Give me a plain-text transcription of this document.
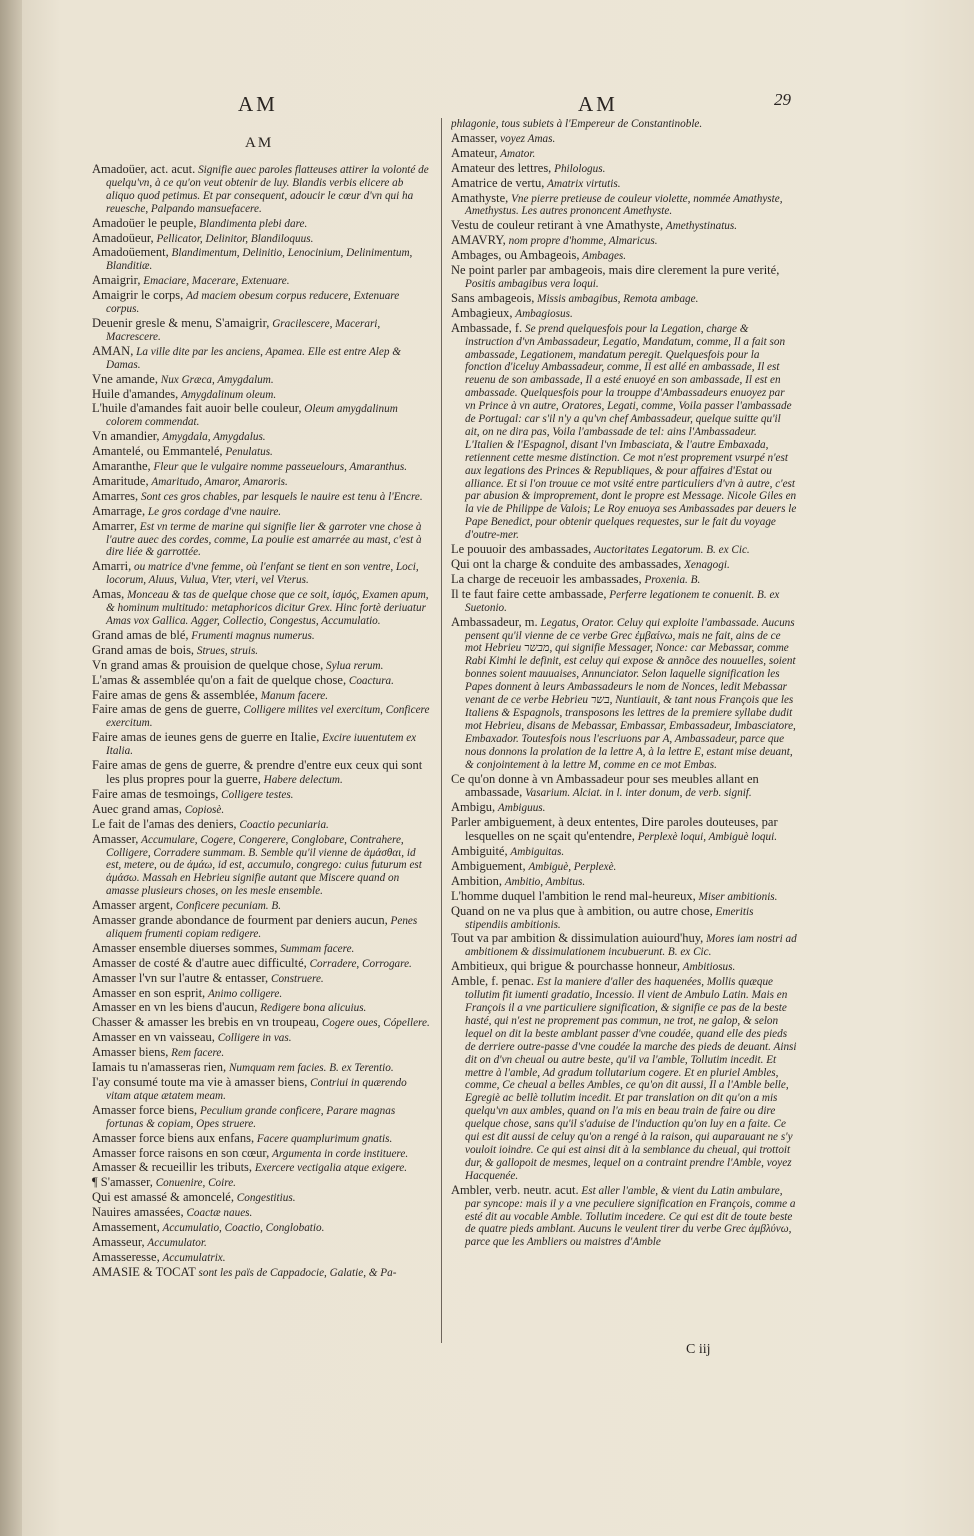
AM	AM	29
AM
Amadoüer, act. acut. Signifie auec paroles flatteuses attirer la volonté de quelqu'vn, à ce qu'on veut obtenir de luy. Blandis verbis elicere ab aliquo quod petimus. Et par consequent, adoucir le cœur d'vn qui ha reuesche, Palpando mansuefacere.
Amadoüer le peuple, Blandimenta plebi dare.
Amadoüeur, Pellicator, Delinitor, Blandiloquus.
Amadoüement, Blandimentum, Delinitio, Lenocinium, Delinimentum, Blanditiæ.
Amaigrir, Emaciare, Macerare, Extenuare.
Amaigrir le corps, Ad maciem obesum corpus reducere, Extenuare corpus.
Deuenir gresle & menu, S'amaigrir, Gracilescere, Macerari, Macrescere.
AMAN, La ville dite par les anciens, Apamea. Elle est entre Alep & Damas.
Vne amande, Nux Græca, Amygdalum.
Huile d'amandes, Amygdalinum oleum.
L'huile d'amandes fait auoir belle couleur, Oleum amygdalinum colorem commendat.
Vn amandier, Amygdala, Amygdalus.
Amantelé, ou Emmantelé, Penulatus.
Amaranthe, Fleur que le vulgaire nomme passeuelours, Amaranthus.
Amaritude, Amaritudo, Amaror, Amaroris.
Amarres, Sont ces gros chables, par lesquels le nauire est tenu à l'Encre.
Amarrage, Le gros cordage d'vne nauire.
Amarrer, Est vn terme de marine qui signifie lier & garroter vne chose à l'autre auec des cordes, comme, La poulie est amarrée au mast, c'est à dire liée & garrottée.
Amarri, ou matrice d'vne femme, où l'enfant se tient en son ventre, Loci, locorum, Aluus, Vulua, Vter, vteri, vel Vterus.
Amas, Monceau & tas de quelque chose que ce soit, ἰσμός, Examen apum, & hominum multitudo: metaphoricos dicitur Grex. Hinc fortè deriuatur Amas vox Gallica. Agger, Collectio, Congestus, Accumulatio.
Grand amas de blé, Frumenti magnus numerus.
Grand amas de bois, Strues, struis.
Vn grand amas & prouision de quelque chose, Sylua rerum.
L'amas & assemblée qu'on a fait de quelque chose, Coactura.
Faire amas de gens & assemblée, Manum facere.
Faire amas de gens de guerre, Colligere milites vel exercitum, Conficere exercitum.
Faire amas de ieunes gens de guerre en Italie, Excire iuuentutem ex Italia.
Faire amas de gens de guerre, & prendre d'entre eux ceux qui sont les plus propres pour la guerre, Habere delectum.
Faire amas de tesmoings, Colligere testes.
Auec grand amas, Copiosè.
Le fait de l'amas des deniers, Coactio pecuniaria.
Amasser, Accumulare, Cogere, Congerere, Conglobare, Contrahere, Colligere, Corradere summam. B. Semble qu'il vienne de ἀμάσθαι, id est, metere, ou de ἀμάω, id est, accumulo, congrego: cuius futurum est ἀμάσω. Massah en Hebrieu signifie autant que Miscere quand on amasse plusieurs choses, on les mesle ensemble.
Amasser argent, Conficere pecuniam. B.
Amasser grande abondance de fourment par deniers aucun, Penes aliquem frumenti copiam redigere.
Amasser ensemble diuerses sommes, Summam facere.
Amasser de costé & d'autre auec difficulté, Corradere, Corrogare.
Amasser l'vn sur l'autre & entasser, Construere.
Amasser en son esprit, Animo colligere.
Amasser en vn les biens d'aucun, Redigere bona alicuius.
Chasser & amasser les brebis en vn troupeau, Cogere oues, Cópellere.
Amasser en vn vaisseau, Colligere in vas.
Amasser biens, Rem facere.
Iamais tu n'amasseras rien, Numquam rem facies. B. ex Terentio.
I'ay consumé toute ma vie à amasser biens, Contriui in quærendo vitam atque ætatem meam.
Amasser force biens, Peculium grande conficere, Parare magnas fortunas & copiam, Opes struere.
Amasser force biens aux enfans, Facere quamplurimum gnatis.
Amasser force raisons en son cœur, Argumenta in corde instituere.
Amasser & recueillir les tributs, Exercere vectigalia atque exigere.
¶ S'amasser, Conuenire, Coire.
Qui est amassé & amoncelé, Congestitius.
Nauires amassées, Coactæ naues.
Amassement, Accumulatio, Coactio, Conglobatio.
Amasseur, Accumulator.
Amasseresse, Accumulatrix.
AMASIE & TOCAT sont les païs de Cappadocie, Galatie, & Pa-
phlagonie, tous subiets à l'Empereur de Constantinoble.
Amasser, voyez Amas.
Amateur, Amator.
Amateur des lettres, Philologus.
Amatrice de vertu, Amatrix virtutis.
Amathyste, Vne pierre pretieuse de couleur violette, nommée Amathyste, Amethystus. Les autres prononcent Amethyste.
Vestu de couleur retirant à vne Amathyste, Amethystinatus.
AMAVRY, nom propre d'homme, Almaricus.
Ambages, ou Ambageois, Ambages.
Ne point parler par ambageois, mais dire clerement la pure verité, Positis ambagibus vera loqui.
Sans ambageois, Missis ambagibus, Remota ambage.
Ambagieux, Ambagiosus.
Ambassade, f. Se prend quelquesfois pour la Legation, charge & instruction d'vn Ambassadeur, Legatio, Mandatum, comme, Il a fait son ambassade, Legationem, mandatum peregit. Quelquesfois pour la fonction d'iceluy Ambassadeur, comme, Il est allé en ambassade, Il est reuenu de son ambassade, Il a esté enuoyé en son ambassade, Il est en ambassade. Quelquesfois pour la trouppe d'Ambassadeurs enuoyez par vn Prince à vn autre, Oratores, Legati, comme, Voila passer l'ambassade de Portugal: car s'il n'y a qu'vn chef Ambassadeur, quelque suitte qu'il ait, on ne dira pas, Voila l'ambassade de tel: ains l'Ambassadeur. L'Italien & l'Espagnol, disant l'vn Imbasciata, & l'autre Embaxada, retiennent cette mesme distinction. Ce mot n'est proprement vsurpé n'est aux legations des Princes & Republiques, & pour affaires d'Estat ou alliance. Et si l'on trouue ce mot vsité entre particuliers d'vn à autre, c'est par abusion & improprement, dont le propre est Message. Nicole Giles en la vie de Philippe de Valois; Le Roy enuoya ses Ambassades par deuers le Pape Benedict, pour obtenir quelques requestes, sur le fait du voyage d'outre-mer.
Le pouuoir des ambassades, Auctoritates Legatorum. B. ex Cic.
Qui ont la charge & conduite des ambassades, Xenagogi.
La charge de receuoir les ambassades, Proxenia. B.
Il te faut faire cette ambassade, Perferre legationem te conuenit. B. ex Suetonio.
Ambassadeur, m. Legatus, Orator. Celuy qui exploite l'ambassade. Aucuns pensent qu'il vienne de ce verbe Grec ἐμβαίνω, mais ne fait, ains de ce mot Hebrieu מבשר, qui signifie Messager, Nonce: car Mebassar, comme Rabi Kimhi le definit, est celuy qui expose & annõce des nouuelles, soient bonnes soient mauuaises, Annunciator. Selon laquelle signification les Papes donnent à leurs Ambassadeurs le nom de Nonces, ledit Mebassar venant de ce verbe Hebrieu בשר, Nuntiauit, & tant nous François que les Italiens & Espagnols, transposons les lettres de la premiere syllabe dudit mot Hebrieu, disans de Mebassar, Embassar, Embassadeur, Imbasciatore, Embaxador. Toutesfois nous l'escriuons par A, Ambassadeur, parce que nous donnons la prolation de la lettre A, à la lettre E, estant mise deuant, & conjointement à la lettre M, comme en ce mot Embas.
Ce qu'on donne à vn Ambassadeur pour ses meubles allant en ambassade, Vasarium. Alciat. in l. inter donum, de verb. signif.
Ambigu, Ambiguus.
Parler ambiguement, à deux ententes, Dire paroles douteuses, par lesquelles on ne sçait qu'entendre, Perplexè loqui, Ambiguè loqui.
Ambiguité, Ambiguitas.
Ambiguement, Ambiguè, Perplexè.
Ambition, Ambitio, Ambitus.
L'homme duquel l'ambition le rend mal-heureux, Miser ambitionis.
Quand on ne va plus que à ambition, ou autre chose, Emeritis stipendiis ambitionis.
Tout va par ambition & dissimulation auiourd'huy, Mores iam nostri ad ambitionem & dissimulationem incubuerunt. B. ex Cic.
Ambitieux, qui brigue & pourchasse honneur, Ambitiosus.
Amble, f. penac. Est la maniere d'aller des haquenées, Mollis quæque tollutim fit iumenti gradatio, Incessio. Il vient de Ambulo Latin. Mais en François il a vne particuliere signification, & signifie ce pas de la beste hasté, qui n'est ne proprement pas commun, ne trot, ne galop, & selon lequel on dit la beste amblant passer d'vne coudée, quand elle des pieds de derriere outre-passe d'vne coudée la marche des pieds de deuant. Ainsi dit on d'vn cheual ou autre beste, qu'il va l'amble, Tollutim incedit. Et mettre à l'amble, Ad gradum tollutarium cogere. Et en pluriel Ambles, comme, Ce cheual a belles Ambles, ce qu'on dit aussi, Il a l'Amble belle, Egregiè ac bellè tollutim incedit. Et par translation on dit qu'on a mis quelqu'vn aux ambles, quand on l'a mis en beau train de faire ou dire quelque chose, sans qu'il s'aduise de l'induction qu'on luy en a faite. Ce qui est dit aussi de celuy qu'on a rengé à la raison, qui auparauant ne s'y vouloit ioindre. Ce qui est ainsi dit à la semblance du cheual, qui trottoit dur, & gallopoit de mesmes, lequel on a contraint prendre l'Amble, voyez Hacquenée.
Ambler, verb. neutr. acut. Est aller l'amble, & vient du Latin ambulare, par syncope: mais il y a vne peculiere signification en François, comme a esté dit au vocable Amble. Tollutim incedere. Ce qui est dit de toute beste de quatre pieds amblant. Aucuns le veulent tirer du verbe Grec ἀμβλύνω, parce que les Ambliers ou maistres d'Amble
C iij
